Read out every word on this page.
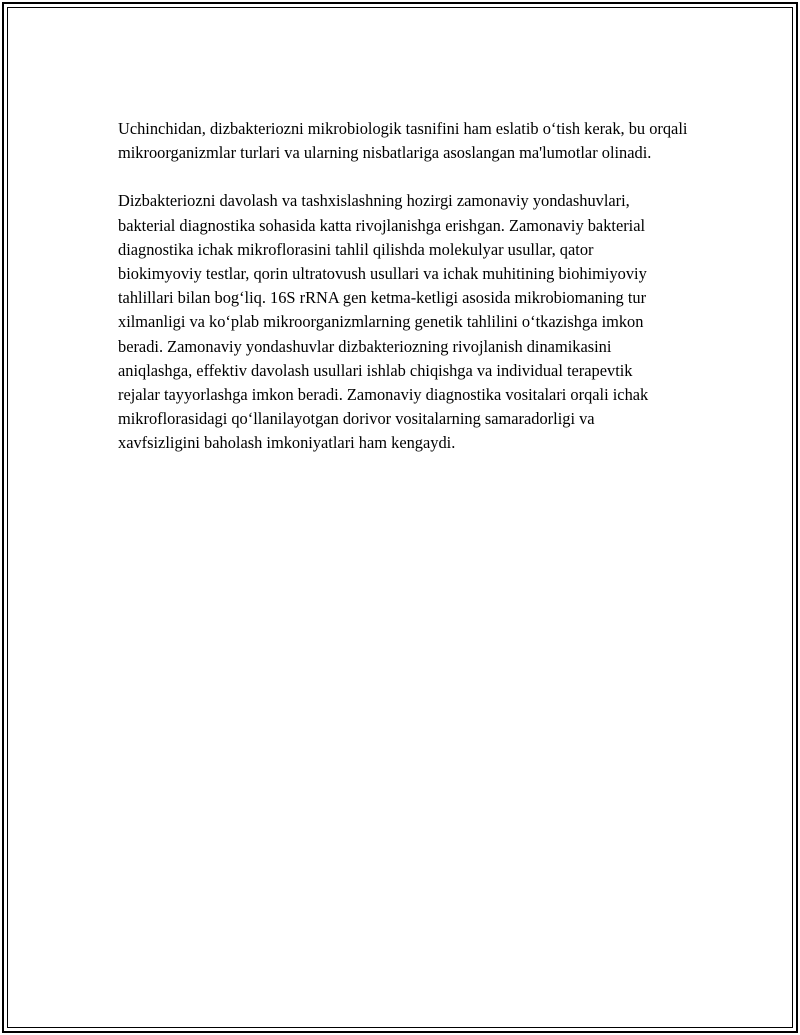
Uchinchidan, dizbakteriozni mikrobiologik tasnifini ham eslatib o‘tish kerak, bu orqali mikroorganizmlar turlari va ularning nisbatlariga asoslangan ma'lumotlar olinadi.

Dizbakteriozni davolash va tashxislashning hozirgi zamonaviy yondashuvlari, bakterial diagnostika sohasida katta rivojlanishga erishgan. Zamonaviy bakterial diagnostika ichak mikroflorasini tahlil qilishda molekulyar usullar, qator biokimyoviy testlar, qorin ultratovush usullari va ichak muhitining biohimiyoviy tahlillari bilan bog‘liq. 16S rRNA gen ketma-ketligi asosida mikrobiomaning tur xilmanligi va ko‘plab mikroorganizmlarning genetik tahlilini o‘tkazishga imkon beradi. Zamonaviy yondashuvlar dizbakteriozning rivojlanish dinamikasini aniqlashga, effektiv davolash usullari ishlab chiqishga va individual terapevtik rejalar tayyorlashga imkon beradi. Zamonaviy diagnostika vositalari orqali ichak mikroflorasidagi qo‘llanilayotgan dorivor vositalarning samaradorligi va xavfsizligini baholash imkoniyatlari ham kengaydi.
